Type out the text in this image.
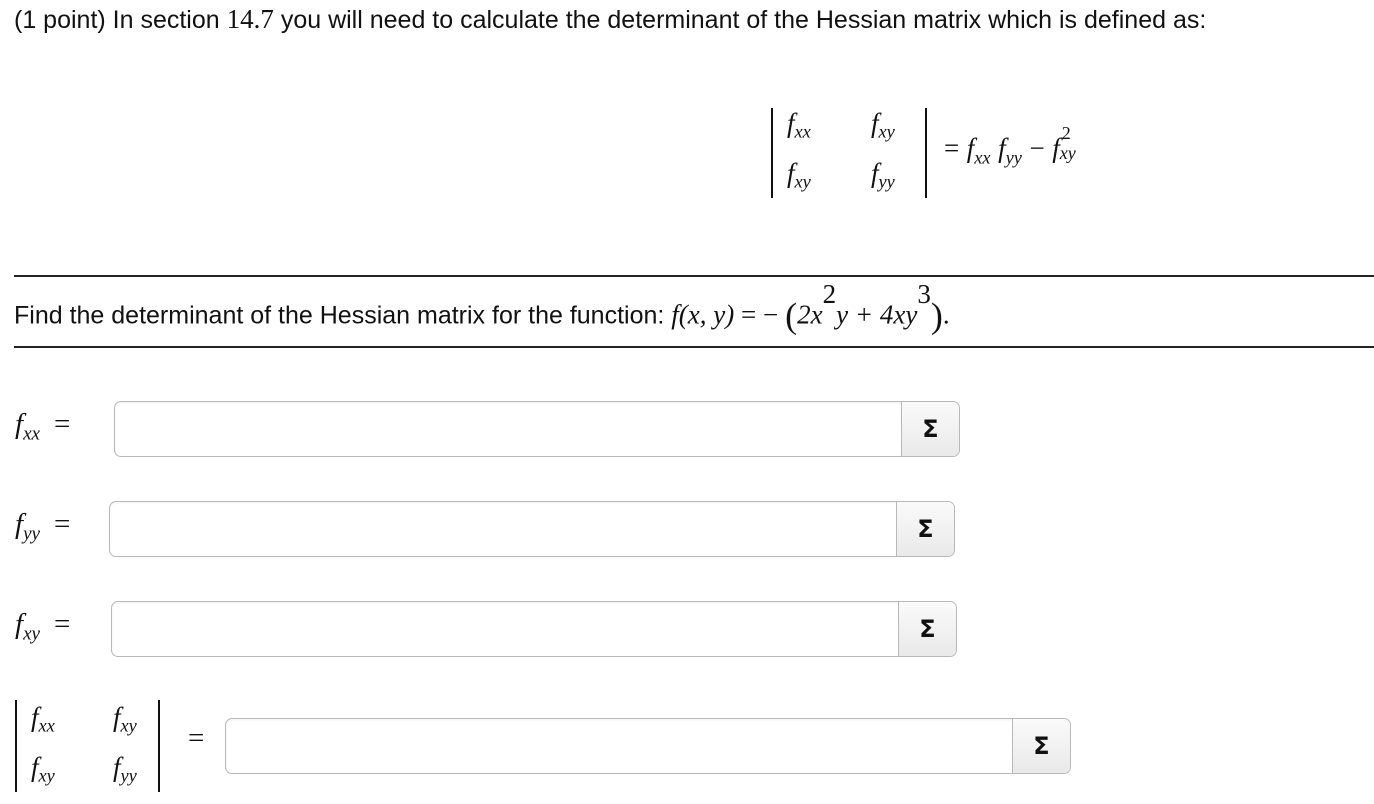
(1 point) In section 14.7 you will need to calculate the determinant of the Hessian matrix which is defined as:
$f_{xx}$ $f_{xy}$
$f_{xy}$ $f_{yy}$
= $f_{xx}$ $f_{yy} - f$ 2
xy
Find the determinant of the Hessian matrix for the function: f(x, y) = − $(2x^2y + 4xy^3)$.
$f_{xx}$ =	Σ
$f_{yy}$ =	Σ
$f_{xy}$ =	Σ
$f_{xx}$ $f_{xy}$
$f_{xy}$ $f_{yy}$
=	Σ
